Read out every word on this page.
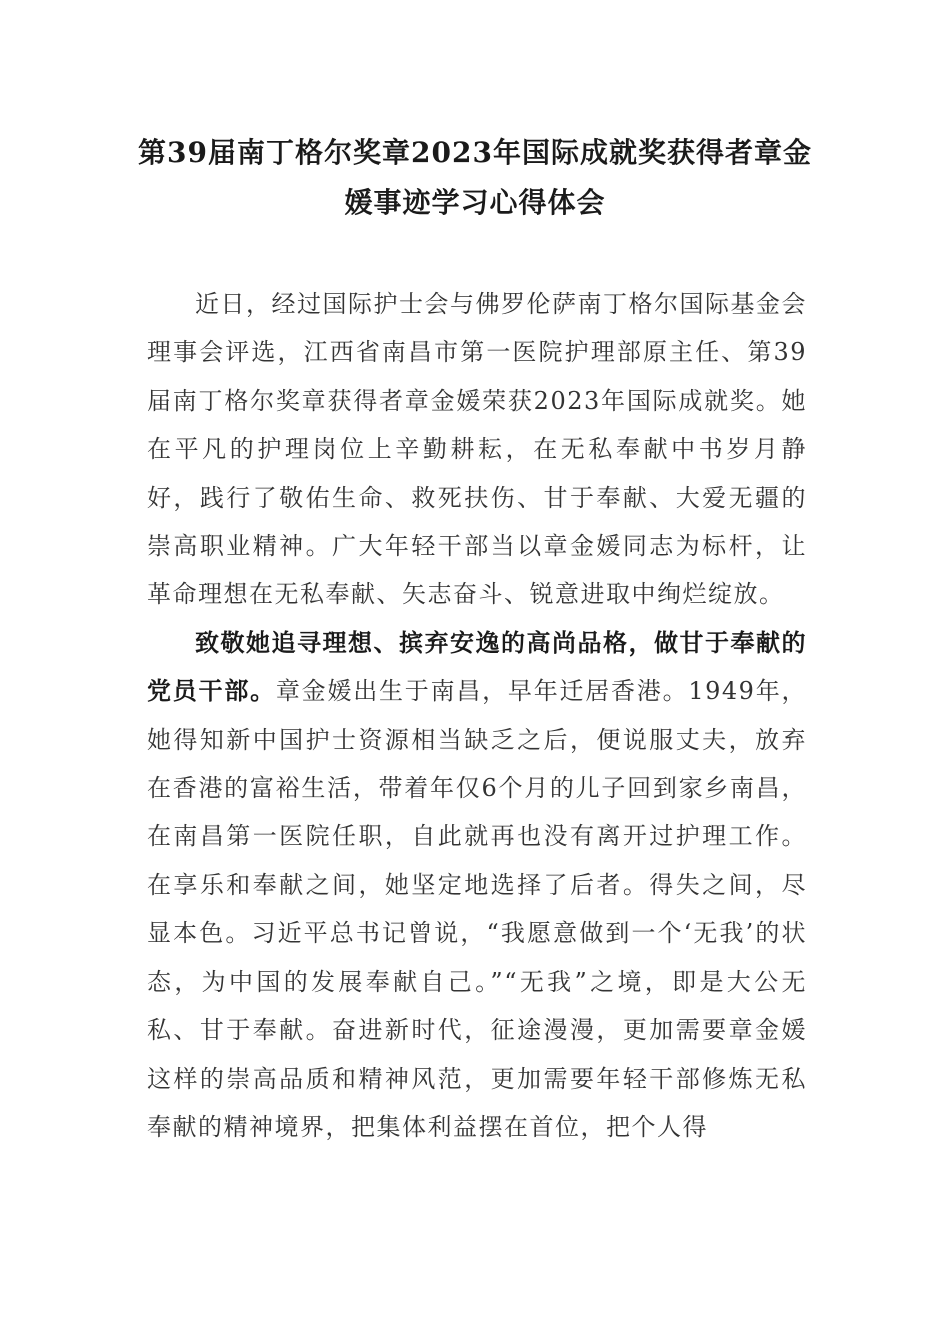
第39届南丁格尔奖章2023年国际成就奖获得者章金
媛事迹学习心得体会

近日，经过国际护士会与佛罗伦萨南丁格尔国际基金会理事会评选，江西省南昌市第一医院护理部原主任、第39届南丁格尔奖章获得者章金媛荣获2023年国际成就奖。她在平凡的护理岗位上辛勤耕耘，在无私奉献中书岁月静好，践行了敬佑生命、救死扶伤、甘于奉献、大爱无疆的崇高职业精神。广大年轻干部当以章金媛同志为标杆，让革命理想在无私奉献、矢志奋斗、锐意进取中绚烂绽放。

致敬她追寻理想、摈弃安逸的高尚品格，做甘于奉献的党员干部。章金媛出生于南昌，早年迁居香港。1949年，她得知新中国护士资源相当缺乏之后，便说服丈夫，放弃在香港的富裕生活，带着年仅6个月的儿子回到家乡南昌，在南昌第一医院任职，自此就再也没有离开过护理工作。在享乐和奉献之间，她坚定地选择了后者。得失之间，尽显本色。习近平总书记曾说，“我愿意做到一个‘无我’的状态，为中国的发展奉献自己。”“无我”之境，即是大公无私、甘于奉献。奋进新时代，征途漫漫，更加需要章金媛这样的崇高品质和精神风范，更加需要年轻干部修炼无私奉献的精神境界，把集体利益摆在首位，把个人得
